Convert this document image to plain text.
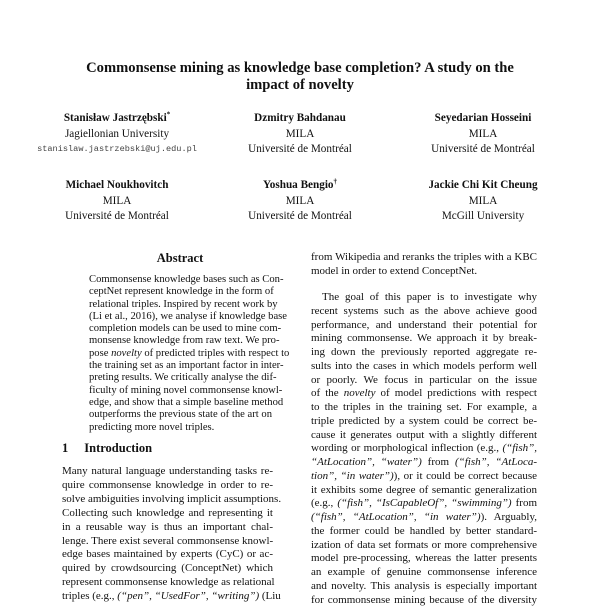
Commonsense mining as knowledge base completion? A study on the
impact of novelty
Stanisław Jastrzębski*
Jagiellonian University
stanislaw.jastrzebski@uj.edu.pl
Dzmitry Bahdanau
MILA
Université de Montréal
Seyedarian Hosseini
MILA
Université de Montréal
Michael Noukhovitch
MILA
Université de Montréal
Yoshua Bengio†
MILA
Université de Montréal
Jackie Chi Kit Cheung
MILA
McGill University
Abstract
Commonsense knowledge bases such as Con-
ceptNet represent knowledge in the form of
relational triples. Inspired by recent work by
(Li et al., 2016), we analyse if knowledge base
completion models can be used to mine com-
monsense knowledge from raw text. We pro-
pose novelty of predicted triples with respect to
the training set as an important factor in inter-
preting results. We critically analyse the dif-
ficulty of mining novel commonsense knowl-
edge, and show that a simple baseline method
outperforms the previous state of the art on
predicting more novel triples.
1 Introduction
Many natural language understanding tasks re-
quire commonsense knowledge in order to re-
solve ambiguities involving implicit assumptions.
Collecting such knowledge and representing it
in a reusable way is thus an important chal-
lenge. There exist several commonsense knowl-
edge bases maintained by experts (CyC) or ac-
quired by crowdsourcing (ConceptNet) which
represent commonsense knowledge as relational
triples (e.g., (“pen”, “UsedFor”, “writing”) (Liu
from Wikipedia and reranks the triples with a KBC
model in order to extend ConceptNet.
The goal of this paper is to investigate why
recent systems such as the above achieve good
performance, and understand their potential for
mining commonsense. We approach it by break-
ing down the previously reported aggregate re-
sults into the cases in which models perform well
or poorly. We focus in particular on the issue
of the novelty of model predictions with respect
to the triples in the training set. For example, a
triple predicted by a system could be correct be-
cause it generates output with a slightly different
wording or morphological inflection (e.g., (“fish”,
“AtLocation”, “water”) from (“fish”, “AtLoca-
tion”, “in water”)), or it could be correct because
it exhibits some degree of semantic generalization
(e.g., (“fish”, “IsCapableOf”, “swimming”) from
(“fish”, “AtLocation”, “in water”)). Arguably,
the former could be handled by better standard-
ization of data set formats or more comprehensive
model pre-processing, whereas the latter presents
an example of genuine commonsense inference
and novelty. This analysis is especially important
for commonsense mining because of the diversity
